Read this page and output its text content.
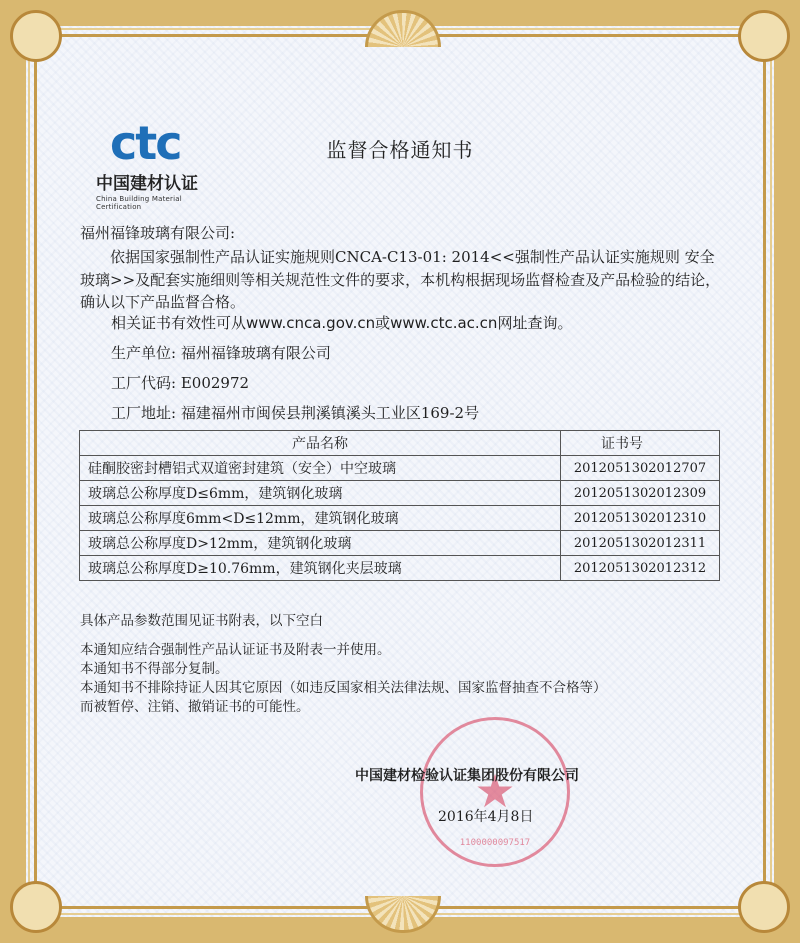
ctc
中国建材认证
China Building Material Certification
监督合格通知书
福州福锋玻璃有限公司:
依据国家强制性产品认证实施规则CNCA-C13-01: 2014<<强制性产品认证实施规则 安全玻璃>>及配套实施细则等相关规范性文件的要求，本机构根据现场监督检查及产品检验的结论，确认以下产品监督合格。
相关证书有效性可从www.cnca.gov.cn或www.ctc.ac.cn网址查询。
生产单位: 福州福锋玻璃有限公司
工厂代码: E002972
工厂地址: 福建福州市闽侯县荆溪镇溪头工业区169-2号
产品名称	证书号
硅酮胶密封槽铝式双道密封建筑（安全）中空玻璃	2012051302012707
玻璃总公称厚度D≤6mm，建筑钢化玻璃	2012051302012309
玻璃总公称厚度6mm<D≤12mm，建筑钢化玻璃	2012051302012310
玻璃总公称厚度D>12mm，建筑钢化玻璃	2012051302012311
玻璃总公称厚度D≥10.76mm，建筑钢化夹层玻璃	2012051302012312
具体产品参数范围见证书附表，以下空白
本通知应结合强制性产品认证证书及附表一并使用。
本通知书不得部分复制。
本通知书不排除持证人因其它原因（如违反国家相关法律法规、国家监督抽查不合格等）
而被暂停、注销、撤销证书的可能性。
★
1100000097517
中国建材检验认证集团股份有限公司
2016年4月8日
